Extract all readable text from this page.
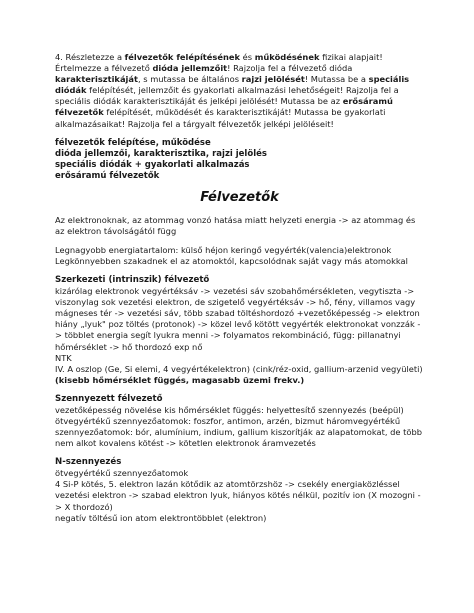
4. Részletezze a félvezetők felépítésének és működésének fizikai alapjait! Értelmezze a félvezető dióda jellemzőit! Rajzolja fel a félvezető dióda karakterisztikáját, s mutassa be általános rajzi jelölését! Mutassa be a speciális diódák felépítését, jellemzőit és gyakorlati alkalmazási lehetőségeit! Rajzolja fel a speciális diódák karakterisztikáját és jelképi jelölését! Mutassa be az erősáramú félvezetők felépítését, működését és karakterisztikáját! Mutassa be gyakorlati alkalmazásaikat! Rajzolja fel a tárgyalt félvezetők jelképi jelöléseit!

félvezetők felépítése, működése
dióda jellemzői, karakterisztika, rajzi jelölés
speciális diódák + gyakorlati alkalmazás
erősáramú félvezetők
Félvezetők

Az elektronoknak, az atommag vonzó hatása miatt helyzeti energia -> az atommag és az elektron távolságától függ

Legnagyobb energiatartalom: külső héjon keringő vegyérték(valencia)elektronok

Legkönnyebben szakadnek el az atomoktól, kapcsolódnak saját vagy más atomokkal

Szerkezeti (intrinszik) félvezető

kizárólag elektronok vegyértéksáv -> vezetési sáv szobahőmérsékleten, vegytiszta -> viszonylag sok vezetési elektron, de szigetelő vegyértéksáv -> hő, fény, villamos vagy mágneses tér -> vezetési sáv, több szabad töltéshordozó +vezetőképesség -> elektron hiány „lyuk" poz töltés (protonok) -> közel levő kötött vegyérték elektronokat vonzzák -> többlet energia segít lyukra menni -> folyamatos rekombináció, függ: pillanatnyi hőmérséklet -> hő thordozó exp nő
NTK
IV. A oszlop (Ge, Si elemi, 4 vegyértékelektron) (cink/réz-oxid, gallium-arzenid vegyületi) (kisebb hőmérséklet függés, magasabb üzemi frekv.)

Szennyezett félvezető

vezetőképesség növelése kis hőmérséklet függés: helyettesítő szennyezés (beépül) ötvegyértékű szennyezőatomok: foszfor, antimon, arzén, bizmut háromvegyértékű szennyezőatomok: bór, alumínium, indium, gallium kiszorítják az alapatomokat, de több nem alkot kovalens kötést -> kötetlen elektronok áramvezetés

N-szennyezés

ötvegyértékű szennyezőatomok

4 Si-P kötés, 5. elektron lazán kötődik az atomtörzshöz -> csekély energiaközléssel vezetési elektron -> szabad elektron lyuk, hiányos kötés nélkül, pozitív ion (X mozogni -> X thordozó)

negatív töltésű ion atom elektrontöbblet (elektron)
